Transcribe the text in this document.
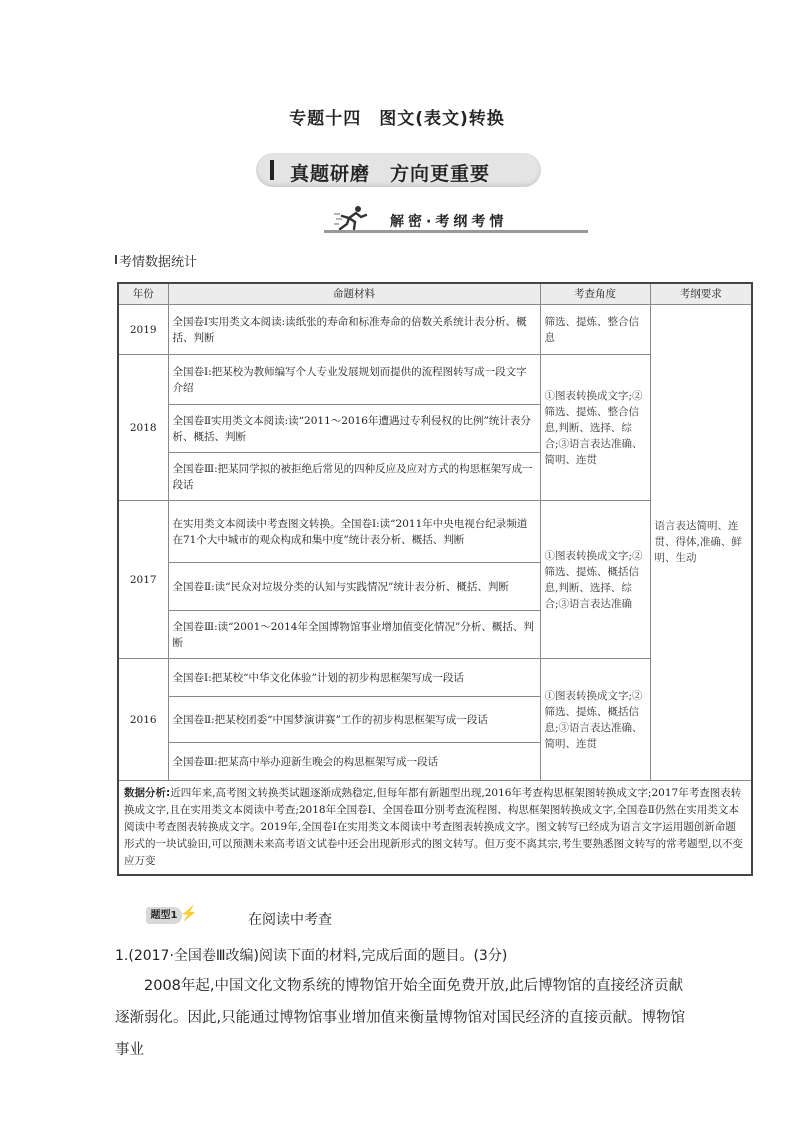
专题十四　图文(表文)转换
真题研磨　方向更重要
解密·考纲考情
考情数据统计
年份	命题材料	考查角度	考纲要求
2019	全国卷Ⅰ实用类文本阅读:读纸张的寿命和标准寿命的倍数关系统计表分析、概括、判断	筛选、提炼、整合信息	语言表达简明、连贯、得体,准确、鲜明、生动
2018	全国卷Ⅰ:把某校为教师编写个人专业发展规划而提供的流程图转写成一段文字介绍	①图表转换成文字;②筛选、提炼、整合信息,判断、选择、综合;③语言表达准确、简明、连贯	
	全国卷Ⅱ实用类文本阅读:读“2011～2016年遭遇过专利侵权的比例”统计表分析、概括、判断		
	全国卷Ⅲ:把某同学拟的被拒绝后常见的四种反应及应对方式的构思框架写成一段话		
2017	在实用类文本阅读中考查图文转换。全国卷Ⅰ:读“2011年中央电视台纪录频道在71个大中城市的观众构成和集中度”统计表分析、概括、判断	①图表转换成文字;②筛选、提炼、概括信息,判断、选择、综合;③语言表达准确	
	全国卷Ⅱ:读“民众对垃圾分类的认知与实践情况”统计表分析、概括、判断		
	全国卷Ⅲ:读“2001～2014年全国博物馆事业增加值变化情况”分析、概括、判断		
2016	全国卷Ⅰ:把某校“中华文化体验”计划的初步构思框架写成一段话	①图表转换成文字;②筛选、提炼、概括信息;③语言表达准确、简明、连贯	
	全国卷Ⅱ:把某校团委“中国梦演讲赛”工作的初步构思框架写成一段话		
	全国卷Ⅲ:把某高中举办迎新生晚会的构思框架写成一段话		
数据分析:近四年来,高考图文转换类试题逐渐成熟稳定,但每年都有新题型出现,2016年考查构思框架图转换成文字;2017年考查图表转换成文字,且在实用类文本阅读中考查;2018年全国卷Ⅰ、全国卷Ⅲ分别考查流程图、构思框架图转换成文字,全国卷Ⅱ仍然在实用类文本阅读中考查图表转换成文字。2019年,全国卷Ⅰ在实用类文本阅读中考查图表转换成文字。图文转写已经成为语言文字运用题创新命题形式的一块试验田,可以预测未来高考语文试卷中还会出现新形式的图文转写。但万变不离其宗,考生要熟悉图文转写的常考题型,以不变应万变			
题型1 ⚡	在阅读中考查
1.(2017·全国卷Ⅲ改编)阅读下面的材料,完成后面的题目。(3分)
2008年起,中国文化文物系统的博物馆开始全面免费开放,此后博物馆的直接经济贡献逐渐弱化。因此,只能通过博物馆事业增加值来衡量博物馆对国民经济的直接贡献。博物馆事业
